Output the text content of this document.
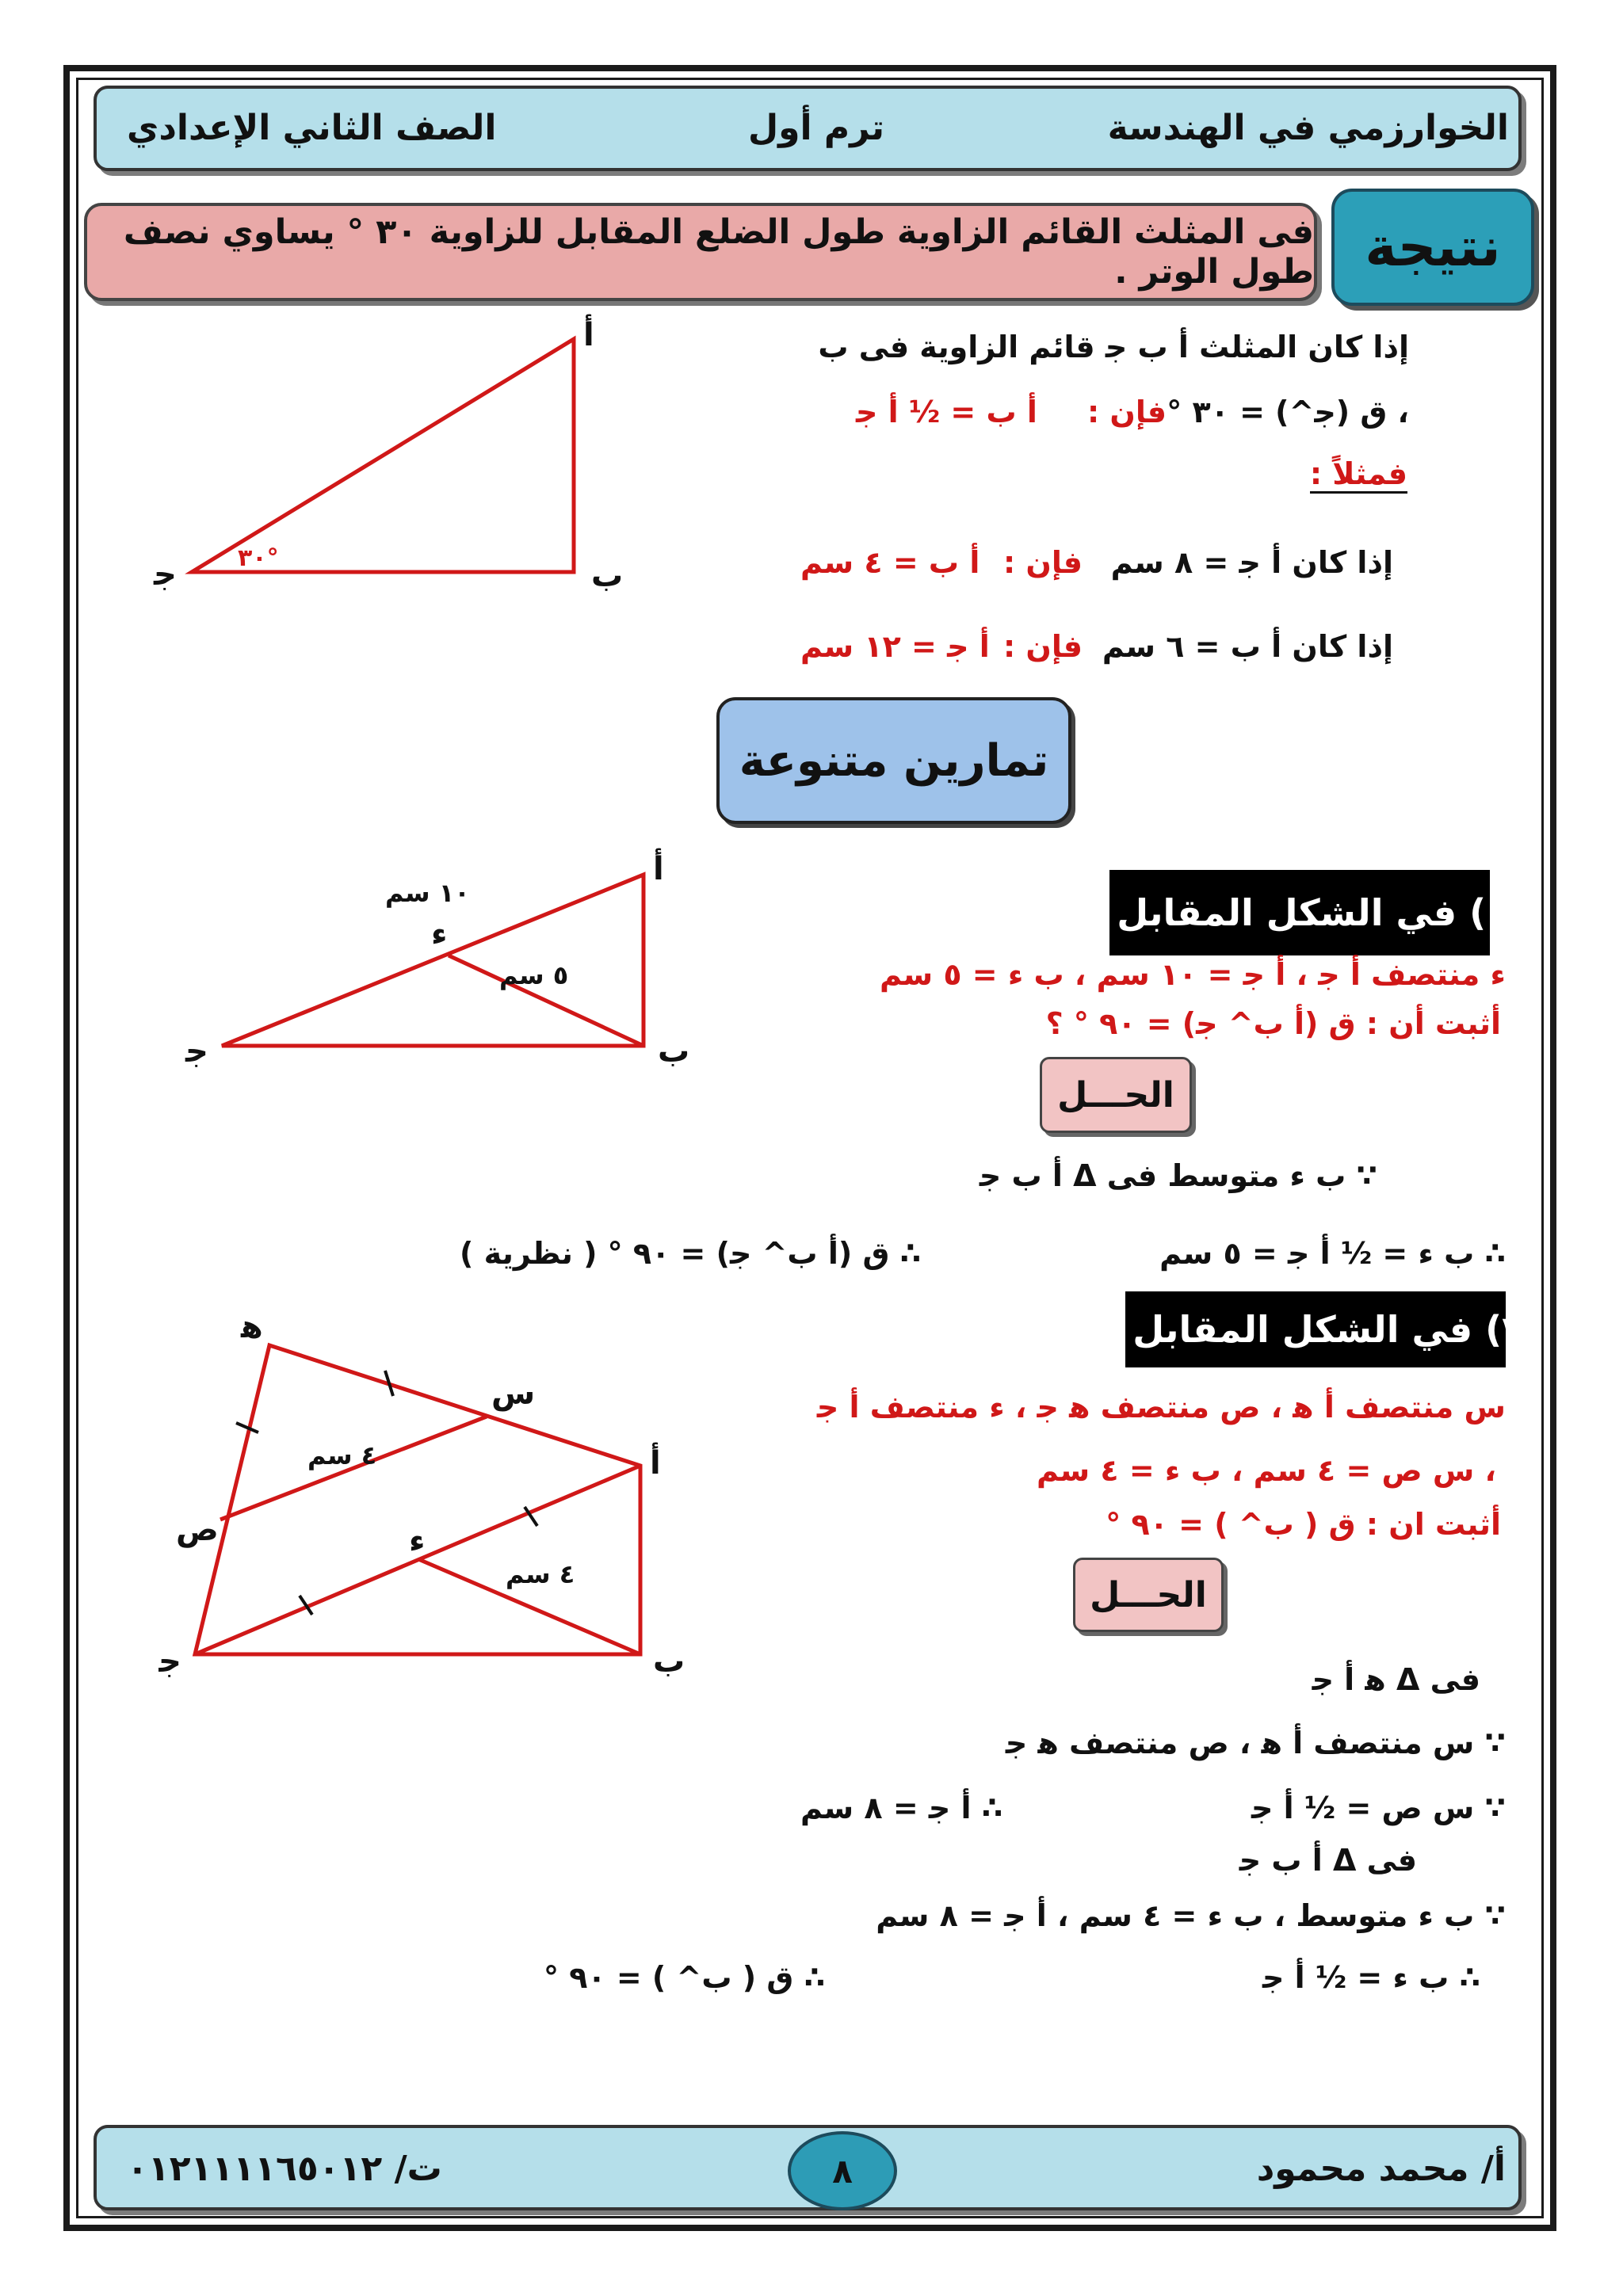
الخوارزمي في الهندسة
ترم أول
الصف الثاني الإعدادي
نتيجة
فى المثلث القائم الزاوية طول الضلع المقابل للزاوية ٣٠ ° يساوي نصف طول الوتر .
إذا كان المثلث ﺃ ب ﺟ قائم الزاوية فى ب
، ق (ﺟ^) = ٣٠ °
فإن :
ﺃ ب = ½ ﺃ ﺟ
فمثلاً :
إذا كان ﺃ ﺟ = ٨ سم
فإن :
ﺃ ب = ٤ سم
إذا كان ﺃ ب = ٦ سم
فإن :
ﺃ ﺟ = ١٢ سم
ﺃ
ب
ﺟ	٣٠°
تمارين متنوعة
(١) في الشكل المقابل :-
ء منتصف ﺃ ﺟ ، ﺃ ﺟ = ١٠ سم ، ب ء = ٥ سم
أثبت أن : ق (ﺃ ب^ ﺟ) = ٩٠ ° ؟
الحـــل
∵ ب ء متوسط فى Δ ﺃ ب ﺟ
∴ ب ء = ½ ﺃ ﺟ = ٥ سم
∴ ق (ﺃ ب^ ﺟ) = ٩٠ ° ( نظرية )
ﺃ
ب
ﺟ
ء
١٠ سم
٥ سم
(٢) في الشكل المقابل :-
س منتصف ﺃ ﻫ ، ص منتصف ﻫ ﺟ ، ء منتصف ﺃ ﺟ
، س ص = ٤ سم ، ب ء = ٤ سم
أثبت ان : ق ( ب^ ) = ٩٠ °
الحـــل
فى Δ ﻫ ﺃ ﺟ
∵ س منتصف ﺃ ﻫ ، ص منتصف ﻫ ﺟ
∵ س ص = ½ ﺃ ﺟ
∴ ﺃ ﺟ = ٨ سم
فى Δ ﺃ ب ﺟ
∵ ب ء متوسط ، ب ء = ٤ سم ، ﺃ ﺟ = ٨ سم
∴ ب ء = ½ ﺃ ﺟ
∴ ق ( ب^ ) = ٩٠ °
ﻫ
ﺃ
ب
ﺟ
ء
س
ص
٤ سم
٤ سم
أ/ محمد محمود
٨
ت/ ٠١٢١١١١٦٥٠١٢
